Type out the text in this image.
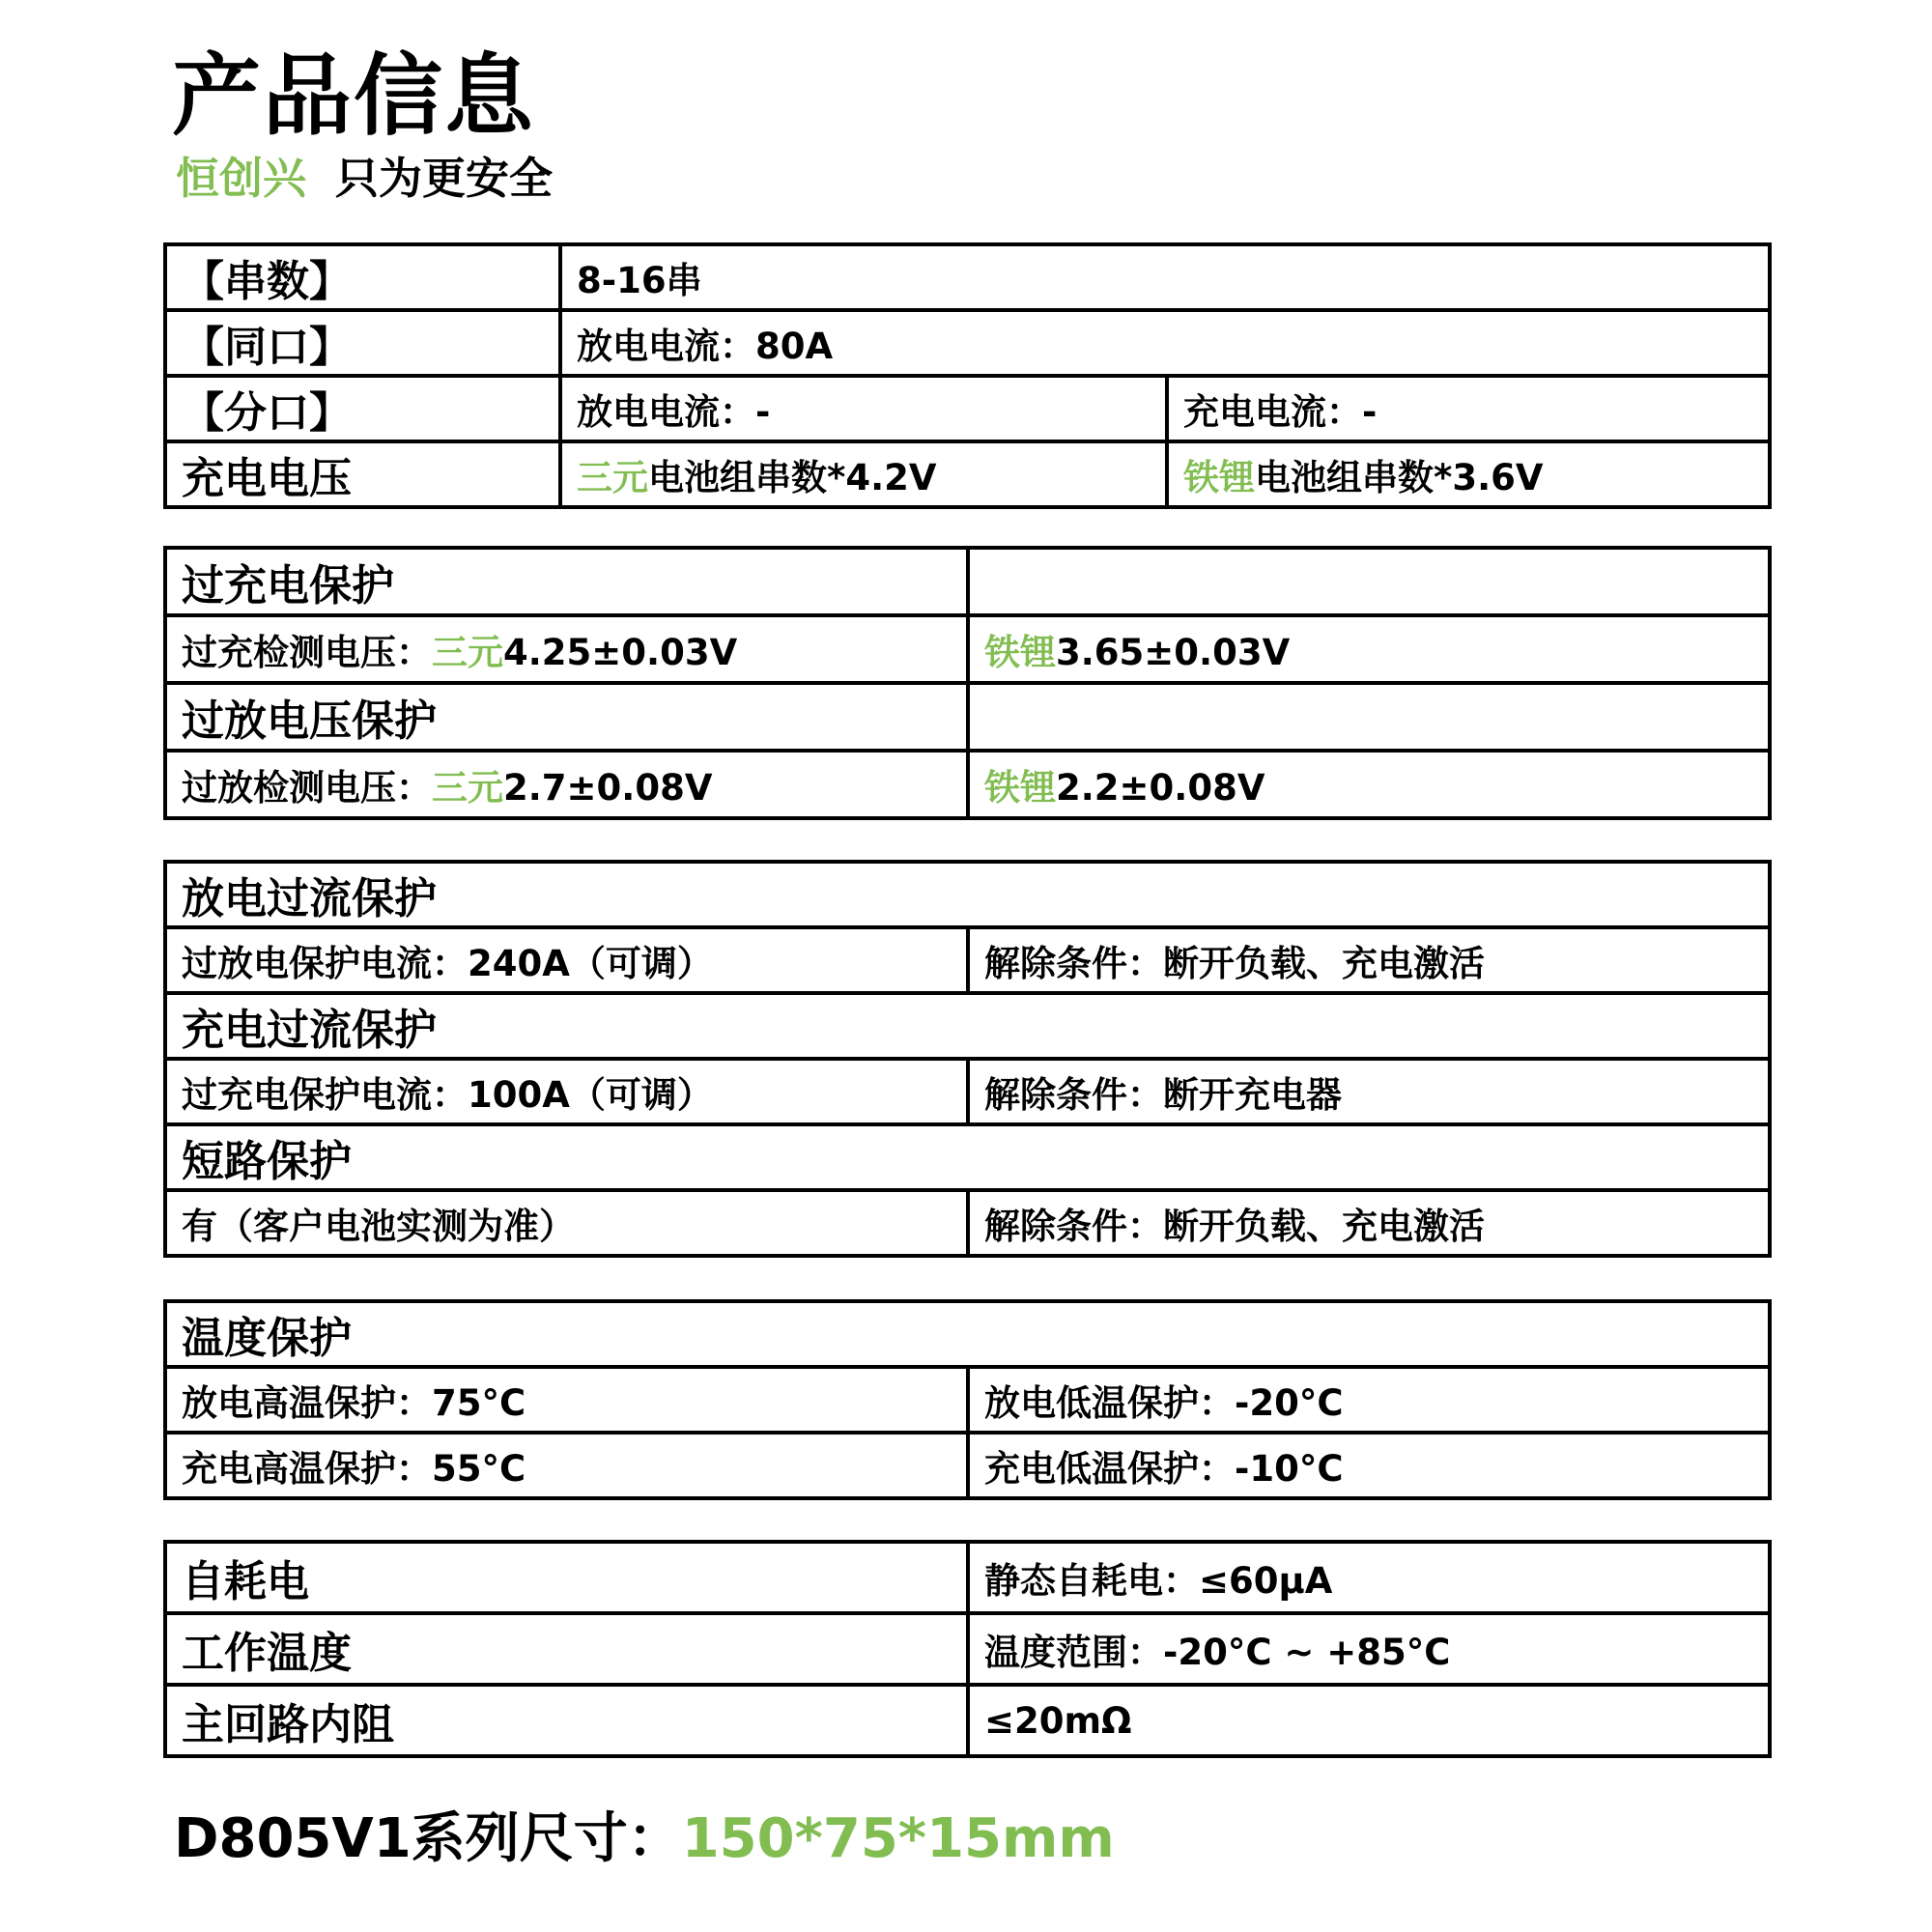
产品信息
恒创兴 只为更安全
【串数】	8-16串	
【同口】	放电电流：80A	
【分口】	放电电流：-	充电电流：-
充电电压	三元电池组串数*4.2V	铁锂电池组串数*3.6V
过充电保护	
过充检测电压：三元4.25±0.03V	铁锂3.65±0.03V
过放电压保护	
过放检测电压：三元2.7±0.08V	铁锂2.2±0.08V
放电过流保护	
过放电保护电流：240A（可调）	解除条件：断开负载、充电激活
充电过流保护	
过充电保护电流：100A（可调）	解除条件：断开充电器
短路保护	
有（客户电池实测为准）	解除条件：断开负载、充电激活
温度保护	
放电高温保护：75°C	放电低温保护：-20°C
充电高温保护：55°C	充电低温保护：-10°C
自耗电	静态自耗电：≤60μA
工作温度	温度范围：-20°C ~ +85°C
主回路内阻	≤20mΩ
D805V1系列尺寸：150*75*15mm
